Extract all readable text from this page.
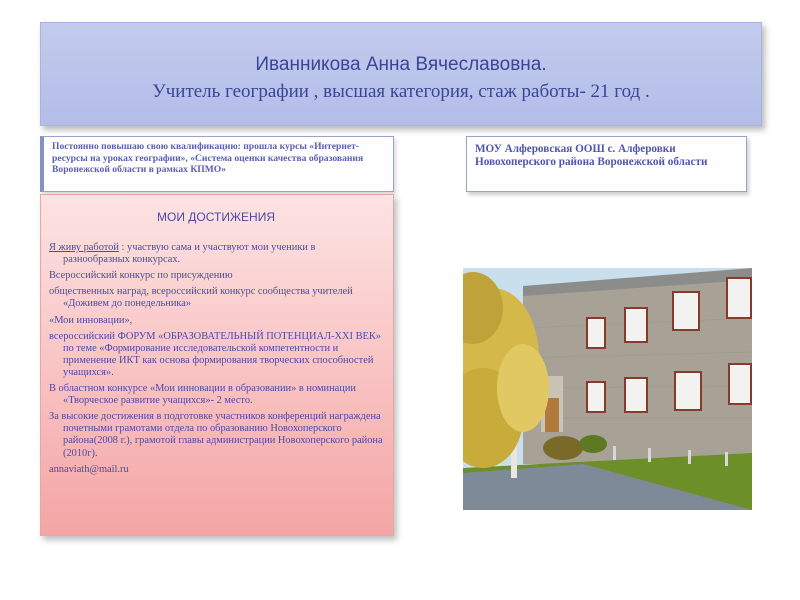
Иванникова Анна Вячеславовна.
Учитель географии , высшая категория, стаж работы- 21 год .
Постоянно повышаю свою квалификацию: прошла курсы «Интернет-ресурсы на уроках географии», «Система оценки качества образования Воронежской области в рамках КПМО»
МОИ ДОСТИЖЕНИЯ
Я живу работой : участвую сама и участвуют мои ученики в разнообразных конкурсах.
Всероссийский конкурс по присуждению
общественных наград, всероссийский конкурс сообщества учителей «Доживем до понедельника»
«Мои инновации»,
всероссийский ФОРУМ «ОБРАЗОВАТЕЛЬНЫЙ ПОТЕНЦИАЛ-XXI ВЕК» по теме «Формирование исследовательской компетентности и применение ИКТ как основа формирования творческих способностей учащихся».
В областном конкурсе «Мои инновации в образовании» в номинации «Творческое развитие учащихся»- 2 место.
За высокие достижения в подготовке учаcтников конференций награждена почетными грамотами отдела по образованию Новохоперского района(2008 г.), грамотой главы администрации Новохоперского района (2010г).
annaviath@mail.ru
МОУ Алферовская ООШ с. Алферовки Новохоперского района Воронежской области
